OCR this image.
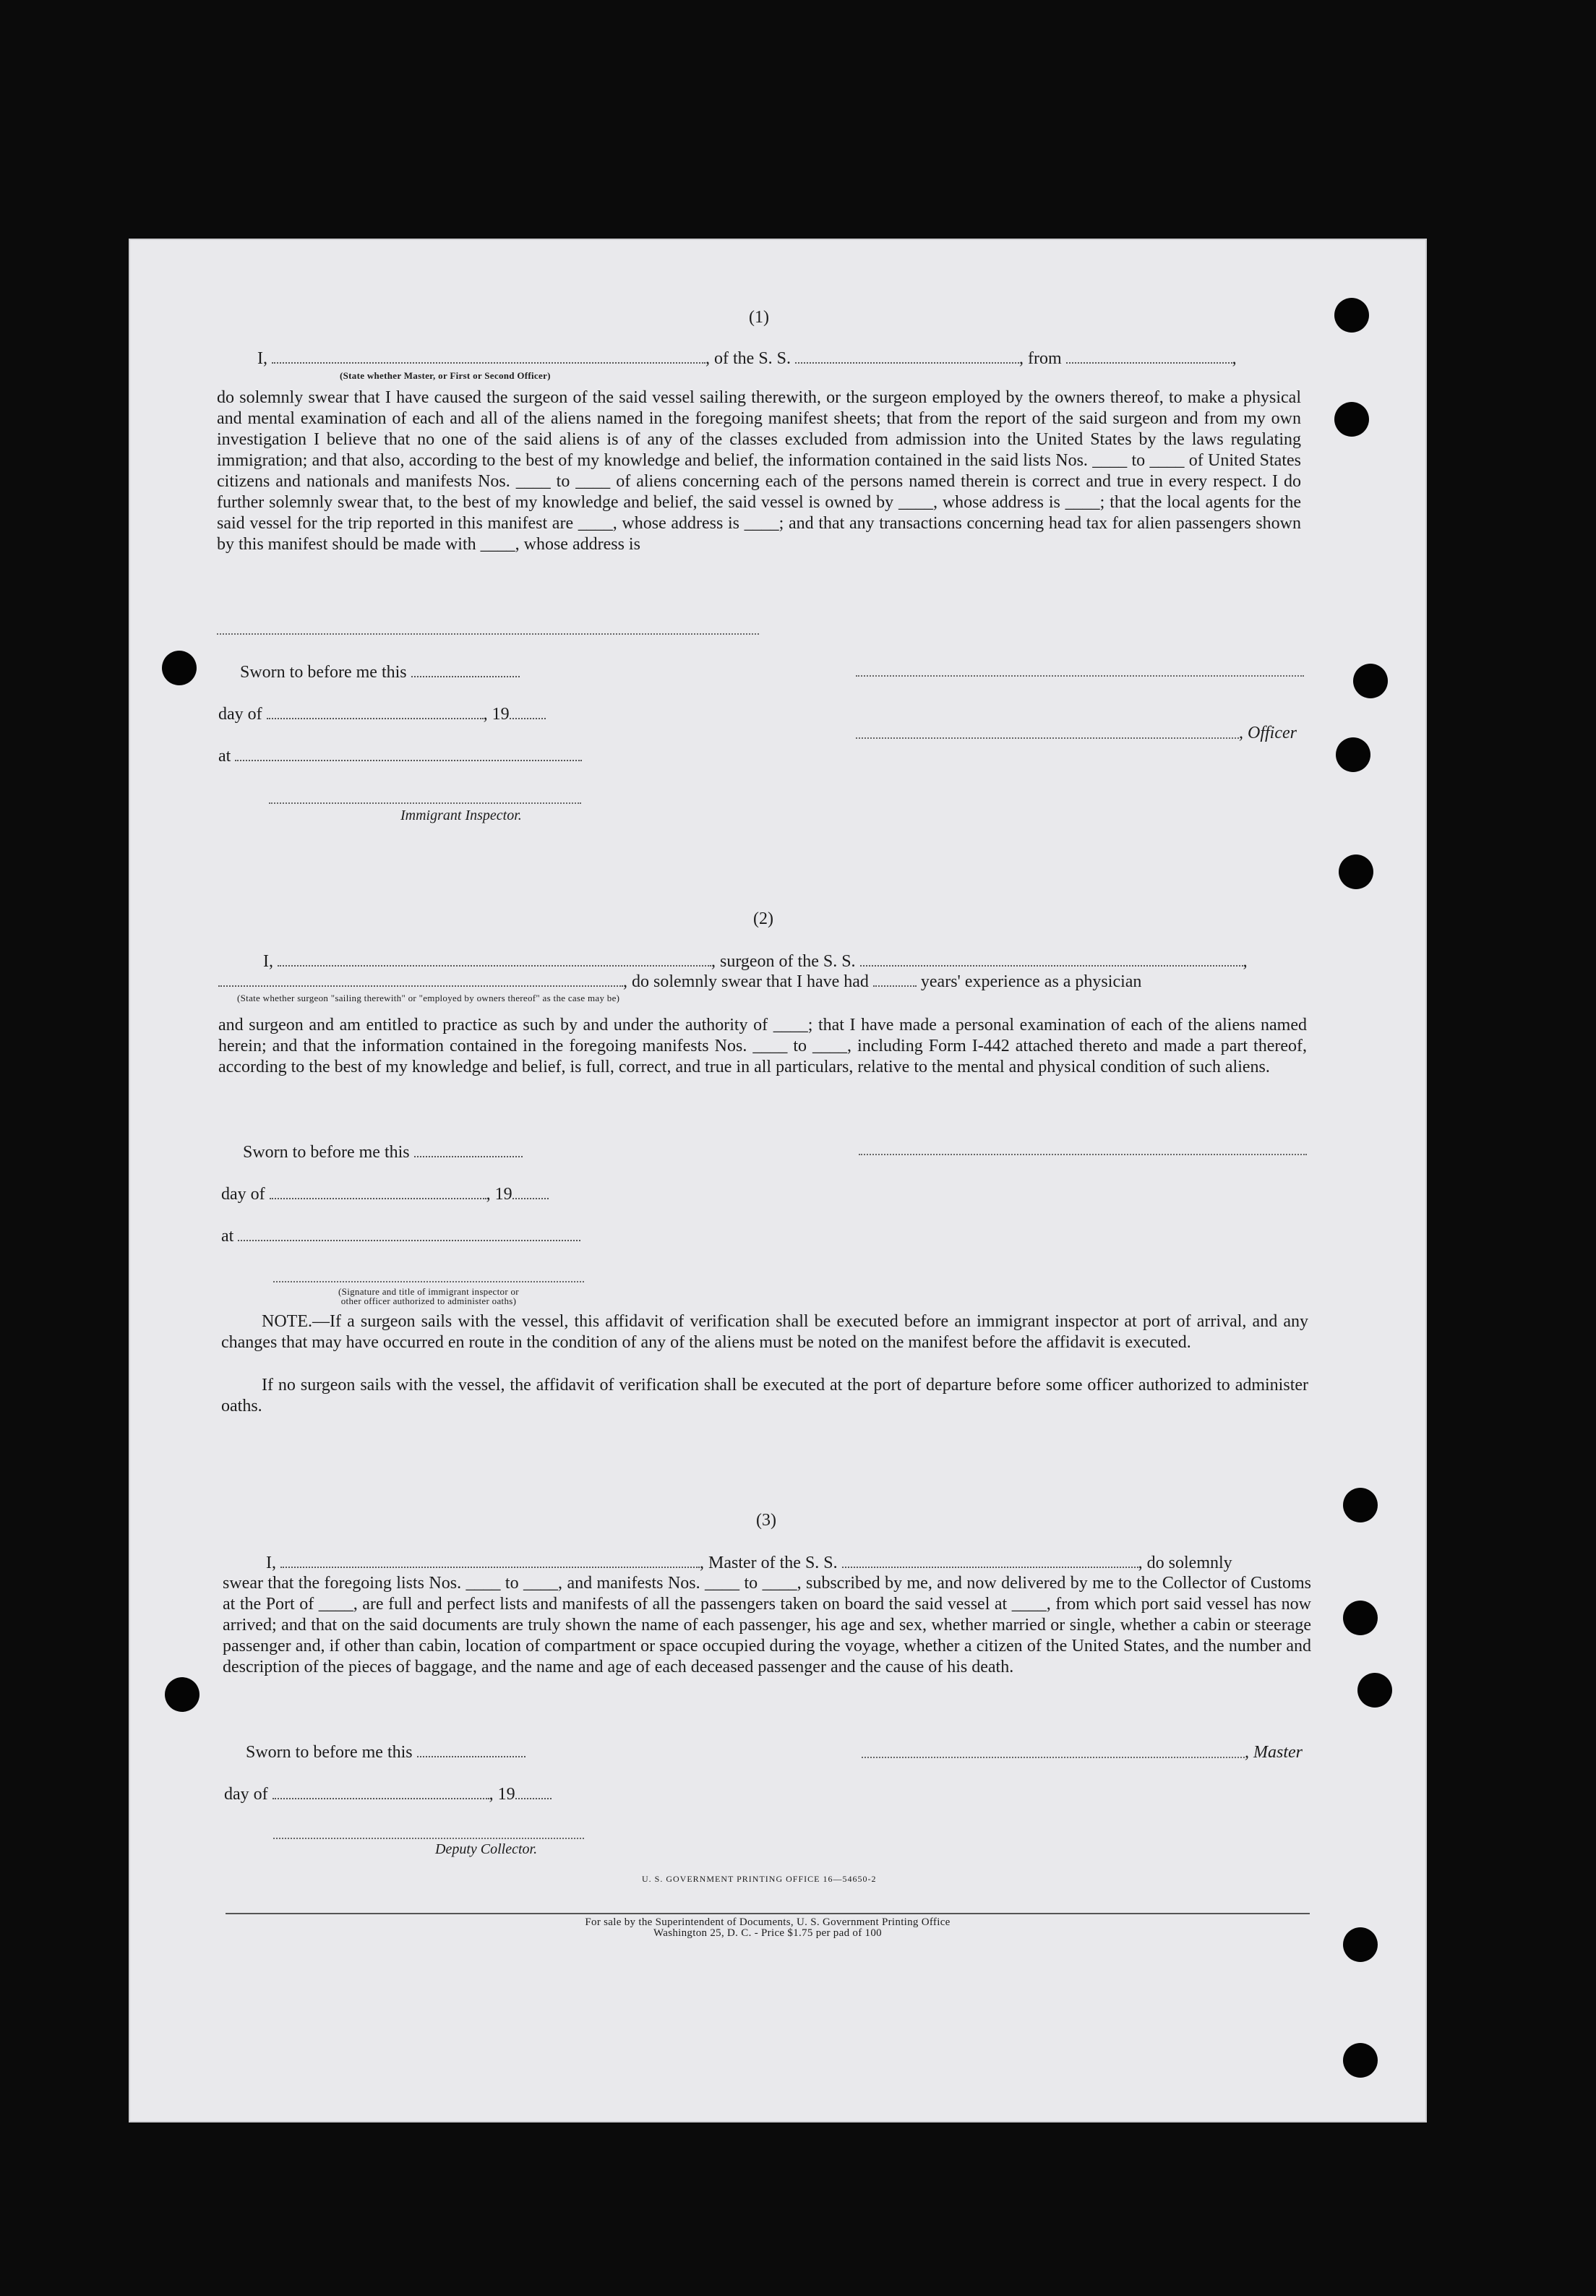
(1)
I,	, of the S. S.	, from	,
(State whether Master, or First or Second Officer)
do solemnly swear that I have caused the surgeon of the said vessel sailing therewith, or the surgeon employed by the owners thereof, to make a physical and mental examination of each and all of the aliens named in the foregoing manifest sheets; that from the report of the said surgeon and from my own investigation I believe that no one of the said aliens is of any of the classes excluded from admission into the United States by the laws regulating immigration; and that also, according to the best of my knowledge and belief, the information contained in the said lists Nos. ____ to ____ of United States citizens and nationals and manifests Nos. ____ to ____ of aliens concerning each of the persons named therein is correct and true in every respect. I do further solemnly swear that, to the best of my knowledge and belief, the said vessel is owned by ____, whose address is ____; that the local agents for the said vessel for the trip reported in this manifest are ____, whose address is ____; and that any transactions concerning head tax for alien passengers shown by this manifest should be made with ____, whose address is
Sworn to before me this
day of	, 19
, Officer
at
Immigrant Inspector.
(2)
I,	, surgeon of the S. S.	,
, do solemnly swear that I have had	years' experience as a physician
(State whether surgeon "sailing therewith" or "employed by owners thereof" as the case may be)
and surgeon and am entitled to practice as such by and under the authority of ____; that I have made a personal examination of each of the aliens named herein; and that the information contained in the foregoing manifests Nos. ____ to ____, including Form I-442 attached thereto and made a part thereof, according to the best of my knowledge and belief, is full, correct, and true in all particulars, relative to the mental and physical condition of such aliens.
Sworn to before me this
day of	, 19
at
(Signature and title of immigrant inspector or
other officer authorized to administer oaths)
NOTE.—If a surgeon sails with the vessel, this affidavit of verification shall be executed before an immigrant inspector at port of arrival, and any changes that may have occurred en route in the condition of any of the aliens must be noted on the manifest before the affidavit is executed.
If no surgeon sails with the vessel, the affidavit of verification shall be executed at the port of departure before some officer authorized to administer oaths.
(3)
I,	, Master of the S. S.	, do solemnly
swear that the foregoing lists Nos. ____ to ____, and manifests Nos. ____ to ____, subscribed by me, and now delivered by me to the Collector of Customs at the Port of ____, are full and perfect lists and manifests of all the passengers taken on board the said vessel at ____, from which port said vessel has now arrived; and that on the said documents are truly shown the name of each passenger, his age and sex, whether married or single, whether a cabin or steerage passenger and, if other than cabin, location of compartment or space occupied during the voyage, whether a citizen of the United States, and the number and description of the pieces of baggage, and the name and age of each deceased passenger and the cause of his death.
Sworn to before me this	, Master
day of	, 19
Deputy Collector.
U. S. GOVERNMENT PRINTING OFFICE 16—54650-2
For sale by the Superintendent of Documents, U. S. Government Printing Office
Washington 25, D. C. - Price $1.75 per pad of 100
